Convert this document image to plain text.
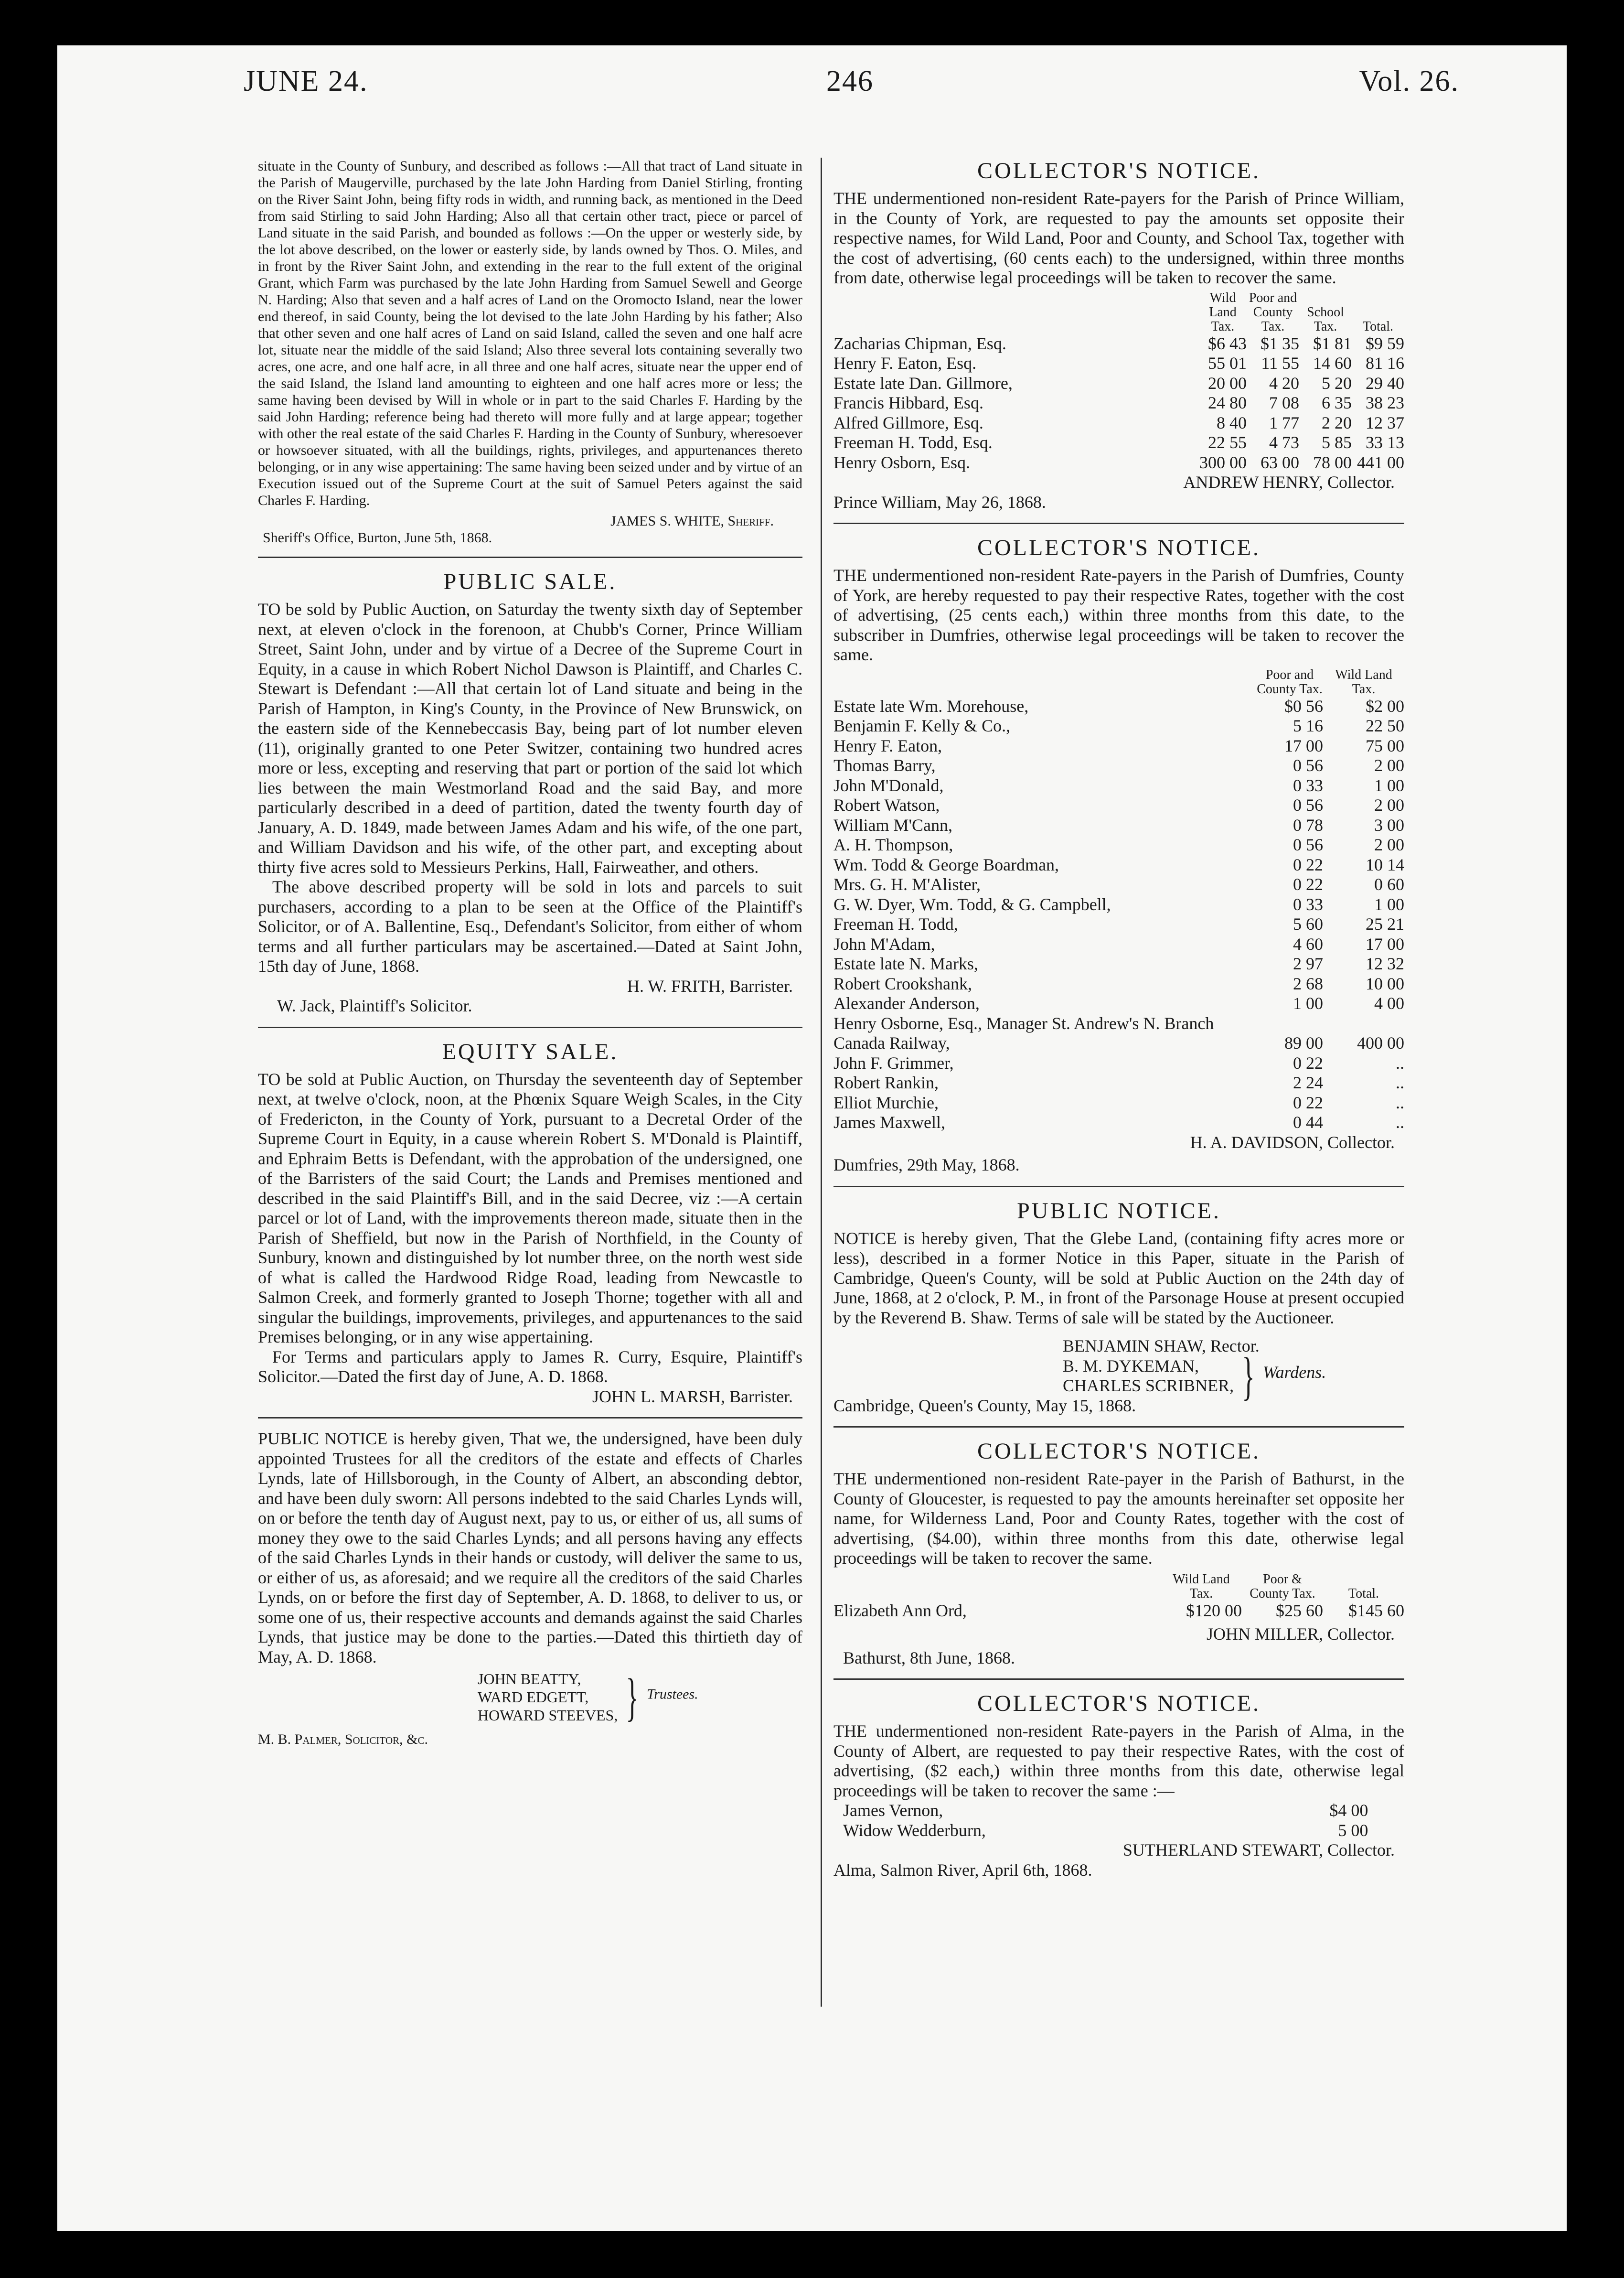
JUNE 24.	246	Vol. 26.

situate in the County of Sunbury, and described as follows :—All that tract of Land situate in the Parish of Maugerville, purchased by the late John Harding from Daniel Stirling, fronting on the River Saint John, being fifty rods in width, and running back, as mentioned in the Deed from said Stirling to said John Harding; Also all that certain other tract, piece or parcel of Land situate in the said Parish, and bounded as follows :—On the upper or westerly side, by the lot above described, on the lower or easterly side, by lands owned by Thos. O. Miles, and in front by the River Saint John, and extending in the rear to the full extent of the original Grant, which Farm was purchased by the late John Harding from Samuel Sewell and George N. Harding; Also that seven and a half acres of Land on the Oromocto Island, near the lower end thereof, in said County, being the lot devised to the late John Harding by his father; Also that other seven and one half acres of Land on said Island, called the seven and one half acre lot, situate near the middle of the said Island; Also three several lots containing severally two acres, one acre, and one half acre, in all three and one half acres, situate near the upper end of the said Island, the Island land amounting to eighteen and one half acres more or less; the same having been devised by Will in whole or in part to the said Charles F. Harding by the said John Harding; reference being had thereto will more fully and at large appear; together with other the real estate of the said Charles F. Harding in the County of Sunbury, wheresoever or howsoever situated, with all the buildings, rights, privileges, and appurtenances thereto belonging, or in any wise appertaining: The same having been seized under and by virtue of an Execution issued out of the Supreme Court at the suit of Samuel Peters against the said Charles F. Harding.

JAMES S. WHITE, Sheriff.

Sheriff's Office, Burton, June 5th, 1868.

PUBLIC SALE.

TO be sold by Public Auction, on Saturday the twenty sixth day of September next, at eleven o'clock in the forenoon, at Chubb's Corner, Prince William Street, Saint John, under and by virtue of a Decree of the Supreme Court in Equity, in a cause in which Robert Nichol Dawson is Plaintiff, and Charles C. Stewart is Defendant :—All that certain lot of Land situate and being in the Parish of Hampton, in King's County, in the Province of New Brunswick, on the eastern side of the Kennebeccasis Bay, being part of lot number eleven (11), originally granted to one Peter Switzer, containing two hundred acres more or less, excepting and reserving that part or portion of the said lot which lies between the main Westmorland Road and the said Bay, and more particularly described in a deed of partition, dated the twenty fourth day of January, A. D. 1849, made between James Adam and his wife, of the one part, and William Davidson and his wife, of the other part, and excepting about thirty five acres sold to Messieurs Perkins, Hall, Fairweather, and others.

The above described property will be sold in lots and parcels to suit purchasers, according to a plan to be seen at the Office of the Plaintiff's Solicitor, or of A. Ballentine, Esq., Defendant's Solicitor, from either of whom terms and all further particulars may be ascertained.—Dated at Saint John, 15th day of June, 1868.

H. W. FRITH, Barrister.

W. Jack, Plaintiff's Solicitor.

EQUITY SALE.

TO be sold at Public Auction, on Thursday the seventeenth day of September next, at twelve o'clock, noon, at the Phœnix Square Weigh Scales, in the City of Fredericton, in the County of York, pursuant to a Decretal Order of the Supreme Court in Equity, in a cause wherein Robert S. M'Donald is Plaintiff, and Ephraim Betts is Defendant, with the approbation of the undersigned, one of the Barristers of the said Court; the Lands and Premises mentioned and described in the said Plaintiff's Bill, and in the said Decree, viz :—A certain parcel or lot of Land, with the improvements thereon made, situate then in the Parish of Sheffield, but now in the Parish of Northfield, in the County of Sunbury, known and distinguished by lot number three, on the north west side of what is called the Hardwood Ridge Road, leading from Newcastle to Salmon Creek, and formerly granted to Joseph Thorne; together with all and singular the buildings, improvements, privileges, and appurtenances to the said Premises belonging, or in any wise appertaining.

For Terms and particulars apply to James R. Curry, Esquire, Plaintiff's Solicitor.—Dated the first day of June, A. D. 1868.

JOHN L. MARSH, Barrister.

PUBLIC NOTICE is hereby given, That we, the undersigned, have been duly appointed Trustees for all the creditors of the estate and effects of Charles Lynds, late of Hillsborough, in the County of Albert, an absconding debtor, and have been duly sworn: All persons indebted to the said Charles Lynds will, on or before the tenth day of August next, pay to us, or either of us, all sums of money they owe to the said Charles Lynds; and all persons having any effects of the said Charles Lynds in their hands or custody, will deliver the same to us, or either of us, as aforesaid; and we require all the creditors of the said Charles Lynds, on or before the first day of September, A. D. 1868, to deliver to us, or some one of us, their respective accounts and demands against the said Charles Lynds, that justice may be done to the parties.—Dated this thirtieth day of May, A. D. 1868.

JOHN BEATTY,
WARD EDGETT,
HOWARD STEEVES, } Trustees.

M. B. Palmer, Solicitor, &c.

COLLECTOR'S NOTICE.

THE undermentioned non-resident Rate-payers for the Parish of Prince William, in the County of York, are requested to pay the amounts set opposite their respective names, for Wild Land, Poor and County, and School Tax, together with the cost of advertising, (60 cents each) to the undersigned, within three months from date, otherwise legal proceedings will be taken to recover the same.

	Wild Land Tax.	Poor and County Tax.	School Tax.	Total.
Zacharias Chipman, Esq.	$6 43	$1 35	$1 81	$9 59
Henry F. Eaton, Esq.	55 01	11 55	14 60	81 16
Estate late Dan. Gillmore,	20 00	4 20	5 20	29 40
Francis Hibbard, Esq.	24 80	7 08	6 35	38 23
Alfred Gillmore, Esq.	8 40	1 77	2 20	12 37
Freeman H. Todd, Esq.	22 55	4 73	5 85	33 13
Henry Osborn, Esq.	300 00	63 00	78 00	441 00

ANDREW HENRY, Collector.

Prince William, May 26, 1868.

COLLECTOR'S NOTICE.

THE undermentioned non-resident Rate-payers in the Parish of Dumfries, County of York, are hereby requested to pay their respective Rates, together with the cost of advertising, (25 cents each,) within three months from this date, to the subscriber in Dumfries, otherwise legal proceedings will be taken to recover the same.

	Poor and County Tax.	Wild Land Tax.
Estate late Wm. Morehouse,	$0 56	$2 00
Benjamin F. Kelly & Co.,	5 16	22 50
Henry F. Eaton,	17 00	75 00
Thomas Barry,	0 56	2 00
John M'Donald,	0 33	1 00
Robert Watson,	0 56	2 00
William M'Cann,	0 78	3 00
A. H. Thompson,	0 56	2 00
Wm. Todd & George Boardman,	0 22	10 14
Mrs. G. H. M'Alister,	0 22	0 60
G. W. Dyer, Wm. Todd, & G. Campbell,	0 33	1 00
Freeman H. Todd,	5 60	25 21
John M'Adam,	4 60	17 00
Estate late N. Marks,	2 97	12 32
Robert Crookshank,	2 68	10 00
Alexander Anderson,	1 00	4 00
Henry Osborne, Esq., Manager St. Andrew's N. Branch Canada Railway,	89 00	400 00
John F. Grimmer,	0 22	..
Robert Rankin,	2 24	..
Elliot Murchie,	0 22	..
James Maxwell,	0 44	..

H. A. DAVIDSON, Collector.

Dumfries, 29th May, 1868.

PUBLIC NOTICE.

NOTICE is hereby given, That the Glebe Land, (containing fifty acres more or less), described in a former Notice in this Paper, situate in the Parish of Cambridge, Queen's County, will be sold at Public Auction on the 24th day of June, 1868, at 2 o'clock, P. M., in front of the Parsonage House at present occupied by the Reverend B. Shaw. Terms of sale will be stated by the Auctioneer.

BENJAMIN SHAW, Rector.

B. M. DYKEMAN,
CHARLES SCRIBNER, } Wardens.

Cambridge, Queen's County, May 15, 1868.

COLLECTOR'S NOTICE.

THE undermentioned non-resident Rate-payer in the Parish of Bathurst, in the County of Gloucester, is requested to pay the amounts hereinafter set opposite her name, for Wilderness Land, Poor and County Rates, together with the cost of advertising, ($4.00), within three months from this date, otherwise legal proceedings will be taken to recover the same.

	Wild Land Tax.	Poor & County Tax.	Total.
Elizabeth Ann Ord,	$120 00	$25 60	$145 60

JOHN MILLER, Collector.

Bathurst, 8th June, 1868.

COLLECTOR'S NOTICE.

THE undermentioned non-resident Rate-payers in the Parish of Alma, in the County of Albert, are requested to pay their respective Rates, with the cost of advertising, ($2 each,) within three months from this date, otherwise legal proceedings will be taken to recover the same :—

James Vernon,	$4 00
Widow Wedderburn,	5 00

SUTHERLAND STEWART, Collector.

Alma, Salmon River, April 6th, 1868.
